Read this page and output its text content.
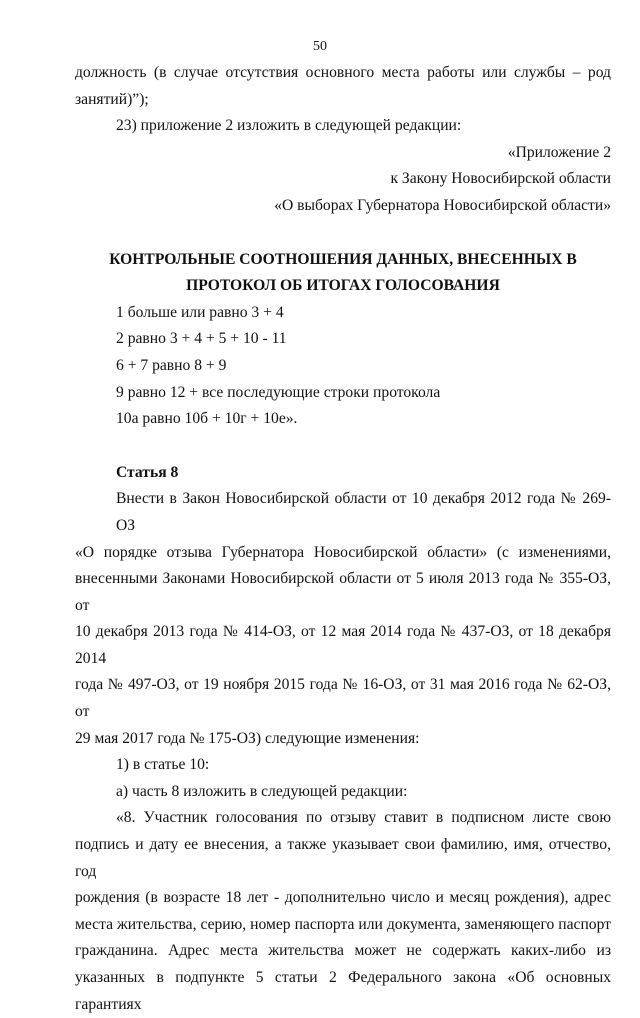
50

должность (в случае отсутствия основного места работы или службы – род

занятий)”);

23) приложение 2 изложить в следующей редакции:

«Приложение 2

к Закону Новосибирской области

«О выборах Губернатора Новосибирской области»

КОНТРОЛЬНЫЕ СООТНОШЕНИЯ ДАННЫХ, ВНЕСЕННЫХ В

ПРОТОКОЛ ОБ ИТОГАХ ГОЛОСОВАНИЯ

1 больше или равно 3 + 4

2 равно 3 + 4 + 5 + 10 - 11

6 + 7 равно 8 + 9

9 равно 12 + все последующие строки протокола

10а равно 10б + 10г + 10е».

Статья 8

Внести в Закон Новосибирской области от 10 декабря 2012 года № 269-ОЗ

«О порядке отзыва Губернатора Новосибирской области» (с изменениями,

внесенными Законами Новосибирской области от 5 июля 2013 года № 355-ОЗ, от

10 декабря 2013 года № 414-ОЗ, от 12 мая 2014 года № 437-ОЗ, от 18 декабря 2014

года № 497-ОЗ, от 19 ноября 2015 года № 16-ОЗ, от 31 мая 2016 года № 62-ОЗ, от

29 мая 2017 года № 175-ОЗ) следующие изменения:

1) в статье 10:

а) часть 8 изложить в следующей редакции:

«8. Участник голосования по отзыву ставит в подписном листе свою

подпись и дату ее внесения, а также указывает свои фамилию, имя, отчество, год

рождения (в возрасте 18 лет - дополнительно число и месяц рождения), адрес

места жительства, серию, номер паспорта или документа, заменяющего паспорт

гражданина. Адрес места жительства может не содержать каких-либо из

указанных в подпункте 5 статьи 2 Федерального закона «Об основных гарантиях
